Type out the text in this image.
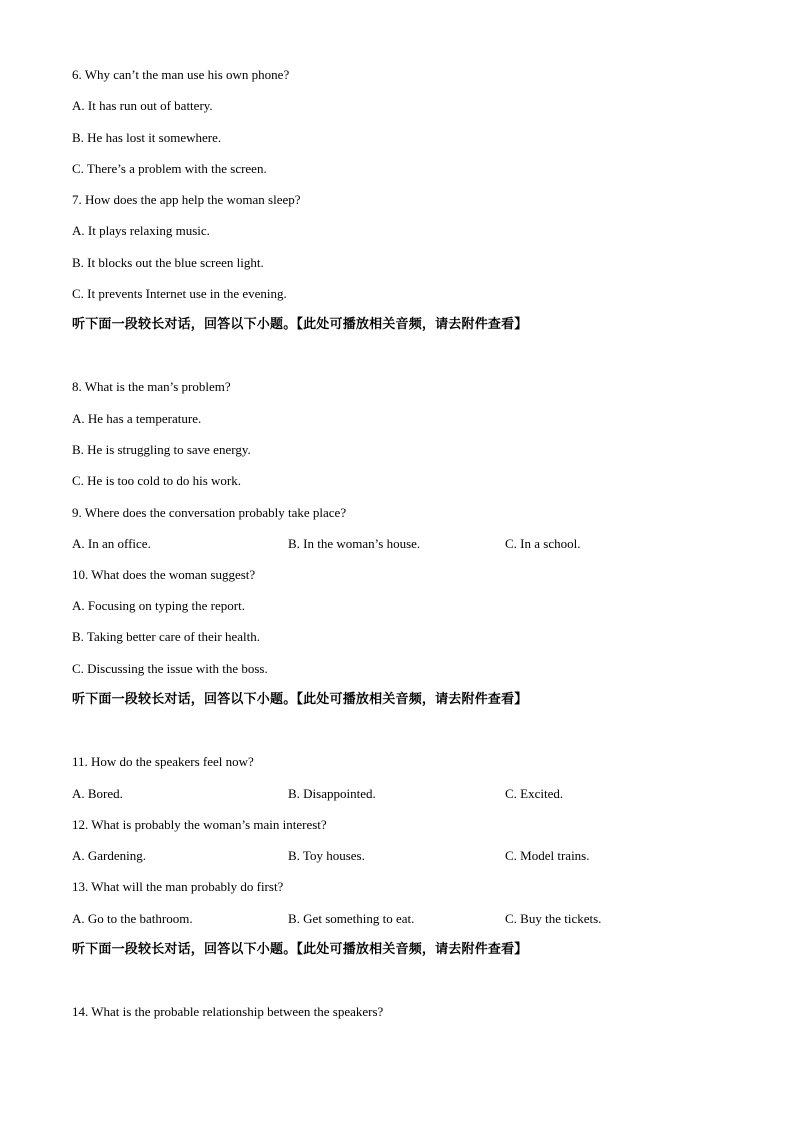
6. Why can’t the man use his own phone?
A. It has run out of battery.
B. He has lost it somewhere.
C. There’s a problem with the screen.
7. How does the app help the woman sleep?
A. It plays relaxing music.
B. It blocks out the blue screen light.
C. It prevents Internet use in the evening.
听下面一段较长对话，回答以下小题。【此处可播放相关音频，请去附件查看】
8. What is the man’s problem?
A. He has a temperature.
B. He is struggling to save energy.
C. He is too cold to do his work.
9. Where does the conversation probably take place?
A. In an office.	B. In the woman’s house.	C. In a school.
10. What does the woman suggest?
A. Focusing on typing the report.
B. Taking better care of their health.
C. Discussing the issue with the boss.
听下面一段较长对话，回答以下小题。【此处可播放相关音频，请去附件查看】
11. How do the speakers feel now?
A. Bored.	B. Disappointed.	C. Excited.
12. What is probably the woman’s main interest?
A. Gardening.	B. Toy houses.	C. Model trains.
13. What will the man probably do first?
A. Go to the bathroom.	B. Get something to eat.	C. Buy the tickets.
听下面一段较长对话，回答以下小题。【此处可播放相关音频，请去附件查看】
14. What is the probable relationship between the speakers?
